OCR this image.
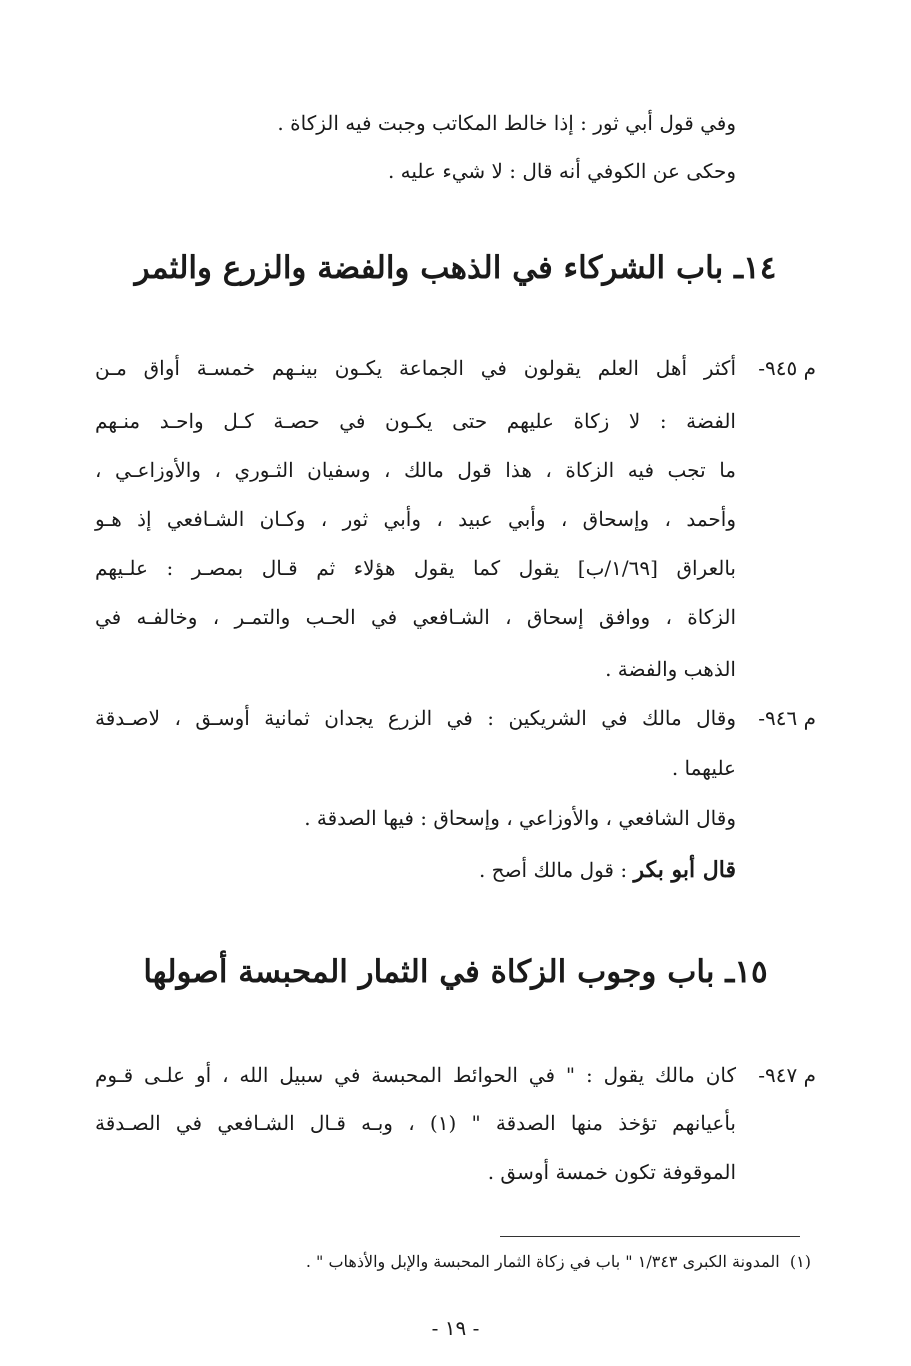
وفي قول أبي ثور : إذا خالط المكاتب وجبت فيه الزكاة .
وحكى عن الكوفي أنه قال : لا شيء عليه .
١٤ـ باب الشركاء في الذهب والفضة والزرع والثمر
م ٩٤٥-
أكثر أهل العلم يقولون في الجماعة يكـون بينـهم خمسـة أواق مـن
الفضة : لا زكاة عليهم حتى يكـون في حصـة كـل واحـد منـهم
ما تجب فيه الزكاة ، هذا قول مالك ، وسفيان الثـوري ، والأوزاعـي ،
وأحمد ، وإسحاق ، وأبي عبيد ، وأبي ثور ، وكـان الشـافعي إذ هـو
بالعراق [١/٦٩/ب] يقول كما يقول هؤلاء ثم قـال بمصـر : علـيهم
الزكاة ، ووافق إسحاق ، الشـافعي في الحـب والتمـر ، وخالفـه في
الذهب والفضة .
م ٩٤٦-
وقال مالك في الشريكين : في الزرع يجدان ثمانية أوسـق ، لاصـدقة
عليهما .
وقال الشافعي ، والأوزاعي ، وإسحاق : فيها الصدقة .
قال أبو بكر : قول مالك أصح .
١٥ـ باب وجوب الزكاة في الثمار المحبسة أصولها
م ٩٤٧-
كان مالك يقول : " في الحوائط المحبسة في سبيل الله ، أو علـى قـوم
بأعيانهم تؤخذ منها الصدقة " (١) ، وبـه قـال الشـافعي في الصـدقة
الموقوفة تكون خمسة أوسق .
(١)  المدونة الكبرى ١/٣٤٣ " باب في زكاة الثمار المحبسة والإبل والأذهاب " .
- ١٩ -
